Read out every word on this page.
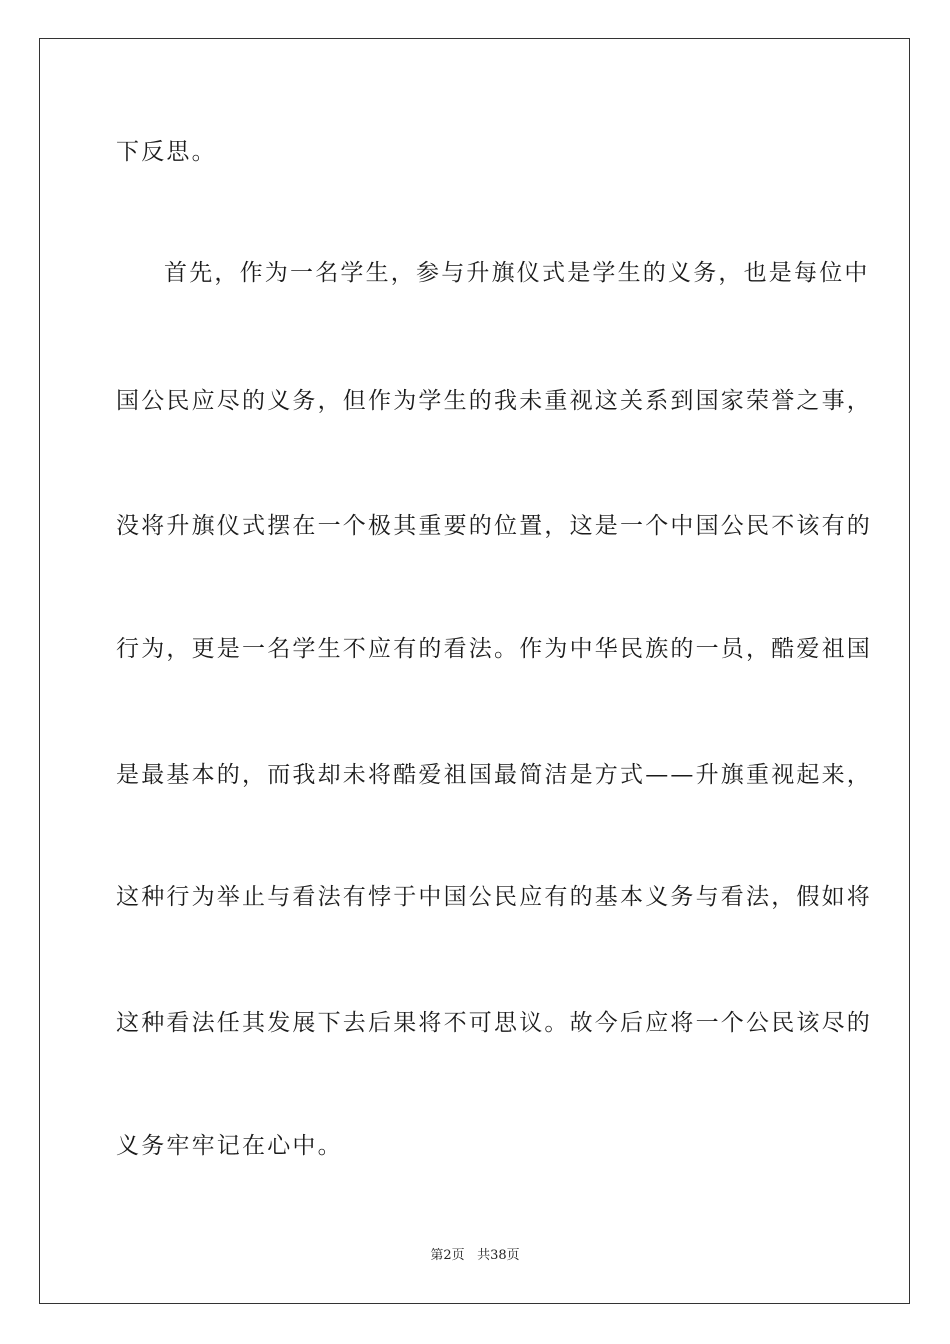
下反思。
首先，作为一名学生，参与升旗仪式是学生的义务，也是每位中
国公民应尽的义务，但作为学生的我未重视这关系到国家荣誉之事，
没将升旗仪式摆在一个极其重要的位置，这是一个中国公民不该有的
行为，更是一名学生不应有的看法。作为中华民族的一员，酷爱祖国
是最基本的，而我却未将酷爱祖国最简洁是方式——升旗重视起来，
这种行为举止与看法有悖于中国公民应有的基本义务与看法，假如将
这种看法任其发展下去后果将不可思议。故今后应将一个公民该尽的
义务牢牢记在心中。
第2页 共38页
